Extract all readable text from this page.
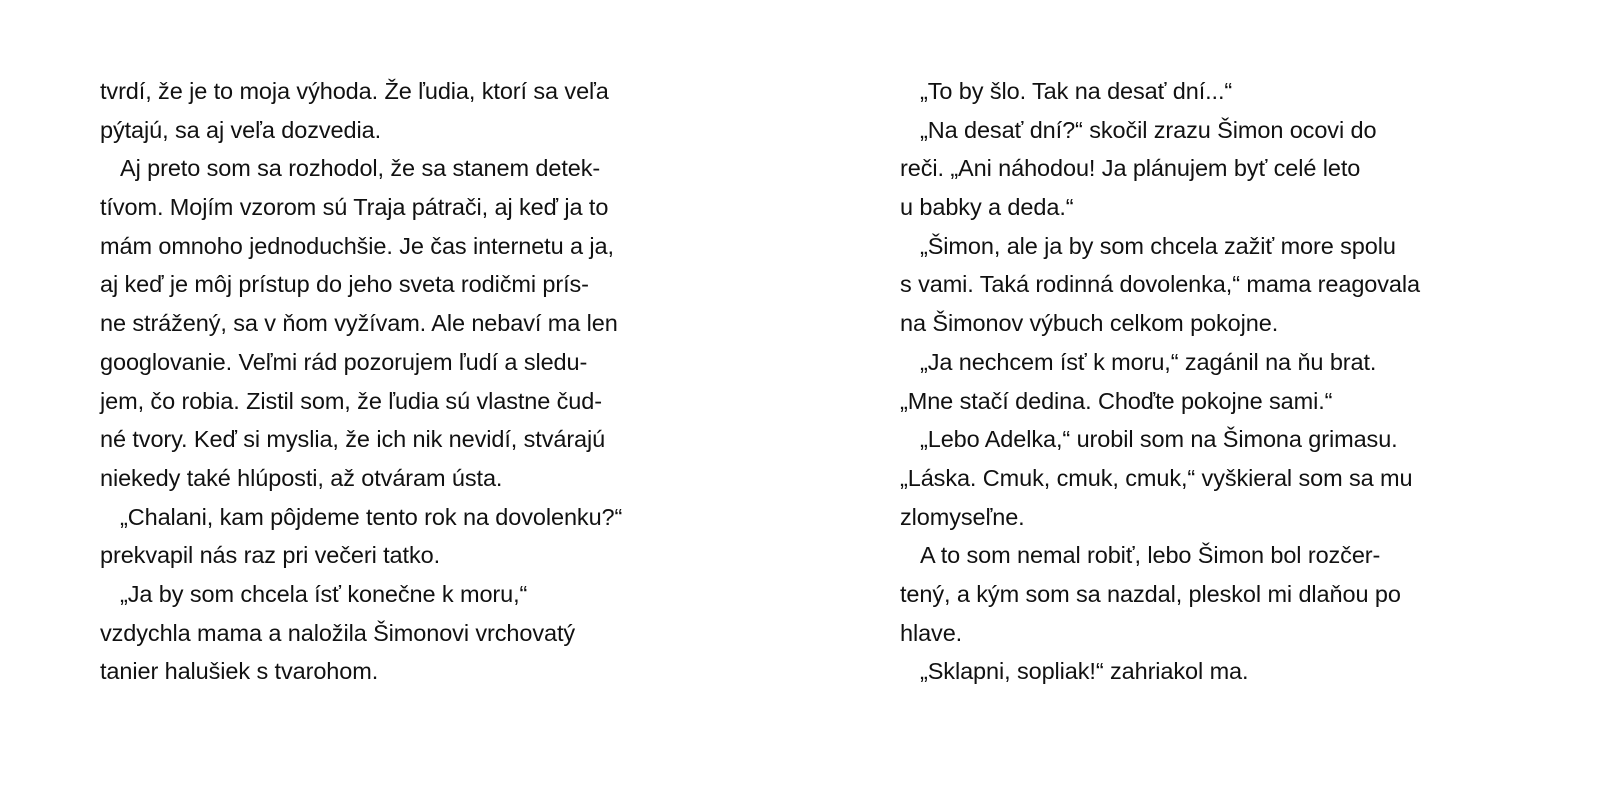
tvrdí, že je to moja výhoda. Že ľudia, ktorí sa veľa
pýtajú, sa aj veľa dozvedia.
Aj preto som sa rozhodol, že sa stanem detek-
tívom. Mojím vzorom sú Traja pátrači, aj keď ja to
mám omnoho jednoduchšie. Je čas internetu a ja,
aj keď je môj prístup do jeho sveta rodičmi prís-
ne strážený, sa v ňom vyžívam. Ale nebaví ma len
googlovanie. Veľmi rád pozorujem ľudí a sledu-
jem, čo robia. Zistil som, že ľudia sú vlastne čud-
né tvory. Keď si myslia, že ich nik nevidí, stvárajú
niekedy také hlúposti, až otváram ústa.
„Chalani, kam pôjdeme tento rok na dovolenku?“
prekvapil nás raz pri večeri tatko.
„Ja by som chcela ísť konečne k moru,“
vzdychla mama a naložila Šimonovi vrchovatý
tanier halušiek s tvarohom.
„To by šlo. Tak na desať dní...“
„Na desať dní?“ skočil zrazu Šimon ocovi do
reči. „Ani náhodou! Ja plánujem byť celé leto
u babky a deda.“
„Šimon, ale ja by som chcela zažiť more spolu
s vami. Taká rodinná dovolenka,“ mama reagovala
na Šimonov výbuch celkom pokojne.
„Ja nechcem ísť k moru,“ zagánil na ňu brat.
„Mne stačí dedina. Choďte pokojne sami.“
„Lebo Adelka,“ urobil som na Šimona grimasu.
„Láska. Cmuk, cmuk, cmuk,“ vyškieral som sa mu
zlomyseľne.
A to som nemal robiť, lebo Šimon bol rozčer-
tený, a kým som sa nazdal, pleskol mi dlaňou po
hlave.
„Sklapni, sopliak!“ zahriakol ma.
